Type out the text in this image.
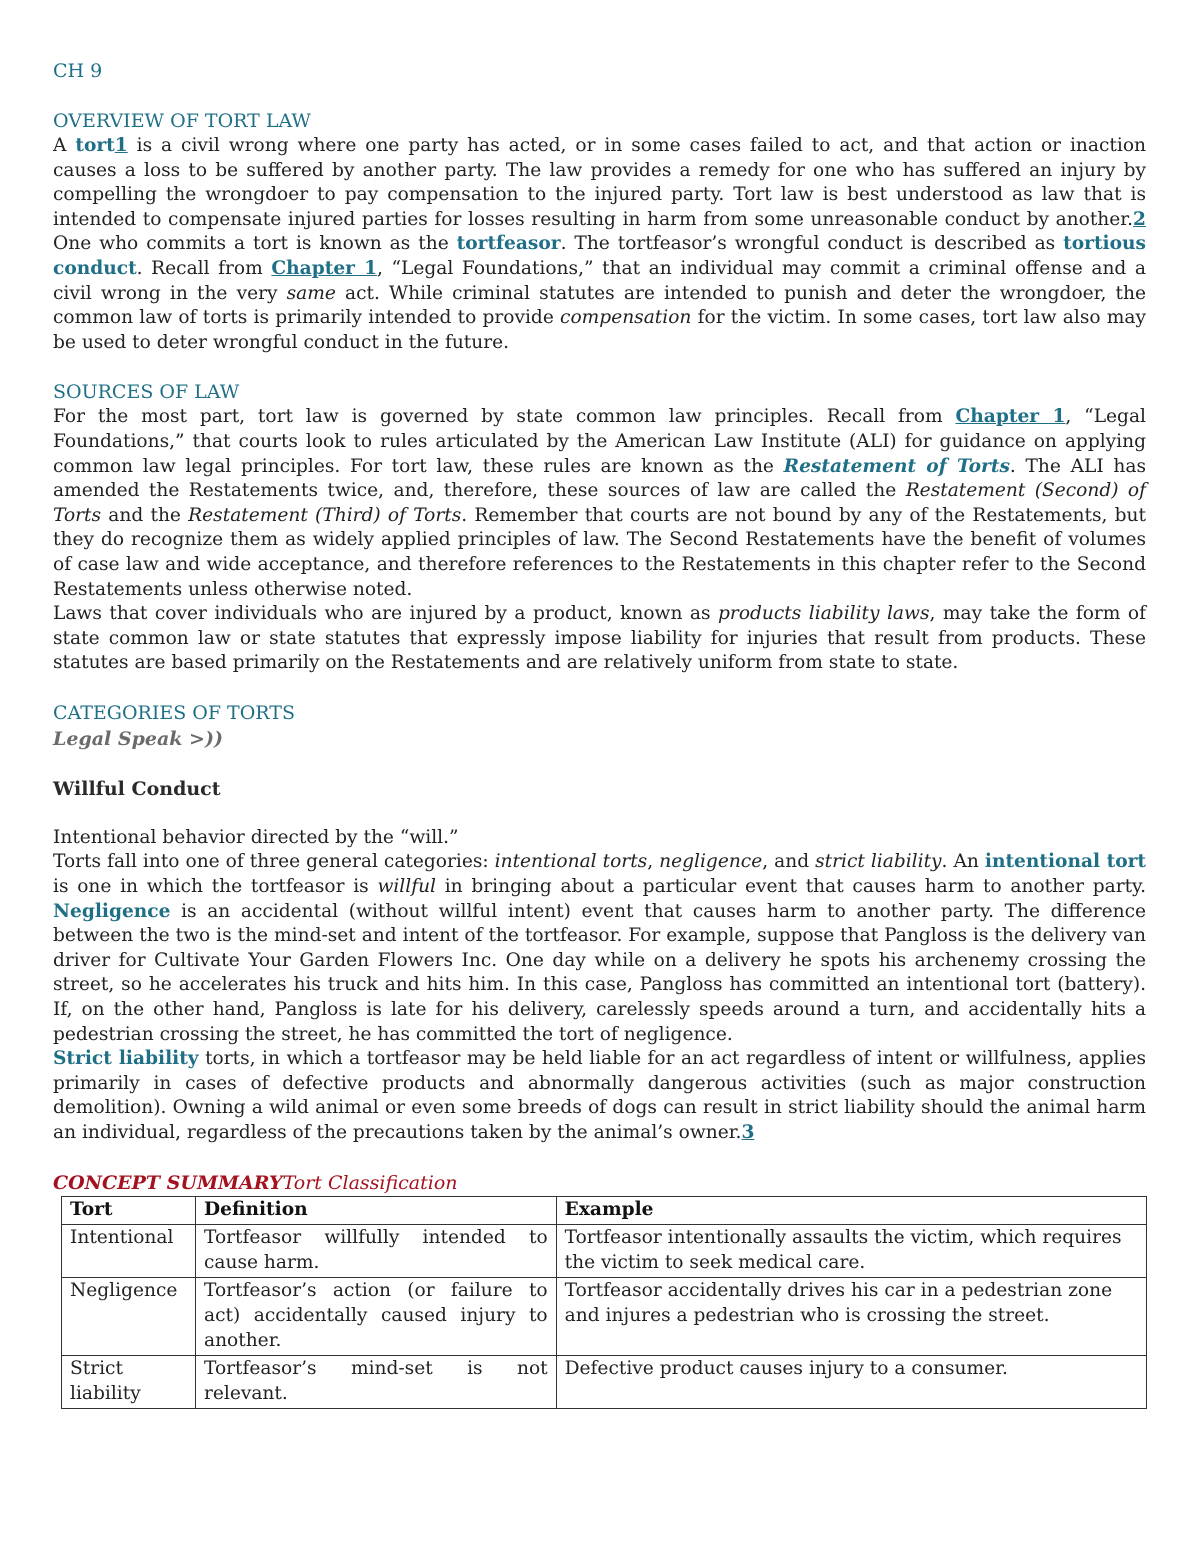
CH 9

OVERVIEW OF TORT LAW

A tort1 is a civil wrong where one party has acted, or in some cases failed to act, and that action or inaction causes a loss to be suffered by another party. The law provides a remedy for one who has suffered an injury by compelling the wrongdoer to pay compensation to the injured party. Tort law is best understood as law that is intended to compensate injured parties for losses resulting in harm from some unreasonable conduct by another.2 One who commits a tort is known as the tortfeasor. The tortfeasor’s wrongful conduct is described as tortious conduct. Recall from Chapter 1, “Legal Foundations,” that an individual may commit a criminal offense and a civil wrong in the very same act. While criminal statutes are intended to punish and deter the wrongdoer, the common law of torts is primarily intended to provide compensation for the victim. In some cases, tort law also may be used to deter wrongful conduct in the future.

SOURCES OF LAW

For the most part, tort law is governed by state common law principles. Recall from Chapter 1, “Legal Foundations,” that courts look to rules articulated by the American Law Institute (ALI) for guidance on applying common law legal principles. For tort law, these rules are known as the Restatement of Torts. The ALI has amended the Restatements twice, and, therefore, these sources of law are called the Restatement (Second) of Torts and the Restatement (Third) of Torts. Remember that courts are not bound by any of the Restatements, but they do recognize them as widely applied principles of law. The Second Restatements have the benefit of volumes of case law and wide acceptance, and therefore references to the Restatements in this chapter refer to the Second Restatements unless otherwise noted.

Laws that cover individuals who are injured by a product, known as products liability laws, may take the form of state common law or state statutes that expressly impose liability for injuries that result from products. These statutes are based primarily on the Restatements and are relatively uniform from state to state.

CATEGORIES OF TORTS

Legal Speak >))

Willful Conduct

Intentional behavior directed by the “will.”

Torts fall into one of three general categories: intentional torts, negligence, and strict liability. An intentional tort is one in which the tortfeasor is willful in bringing about a particular event that causes harm to another party. Negligence is an accidental (without willful intent) event that causes harm to another party. The difference between the two is the mind-set and intent of the tortfeasor. For example, suppose that Pangloss is the delivery van driver for Cultivate Your Garden Flowers Inc. One day while on a delivery he spots his archenemy crossing the street, so he accelerates his truck and hits him. In this case, Pangloss has committed an intentional tort (battery). If, on the other hand, Pangloss is late for his delivery, carelessly speeds around a turn, and accidentally hits a pedestrian crossing the street, he has committed the tort of negligence.

Strict liability torts, in which a tortfeasor may be held liable for an act regardless of intent or willfulness, applies primarily in cases of defective products and abnormally dangerous activities (such as major construction demolition). Owning a wild animal or even some breeds of dogs can result in strict liability should the animal harm an individual, regardless of the precautions taken by the animal’s owner.3

CONCEPT SUMMARYTort Classification

Tort	Definition	Example
Intentional	Tortfeasor willfully intended to cause harm.	Tortfeasor intentionally assaults the victim, which requires the victim to seek medical care.
Negligence	Tortfeasor’s action (or failure to act) accidentally caused injury to another.	Tortfeasor accidentally drives his car in a pedestrian zone and injures a pedestrian who is crossing the street.
Strict liability	Tortfeasor’s mind-set is not relevant.	Defective product causes injury to a consumer.
